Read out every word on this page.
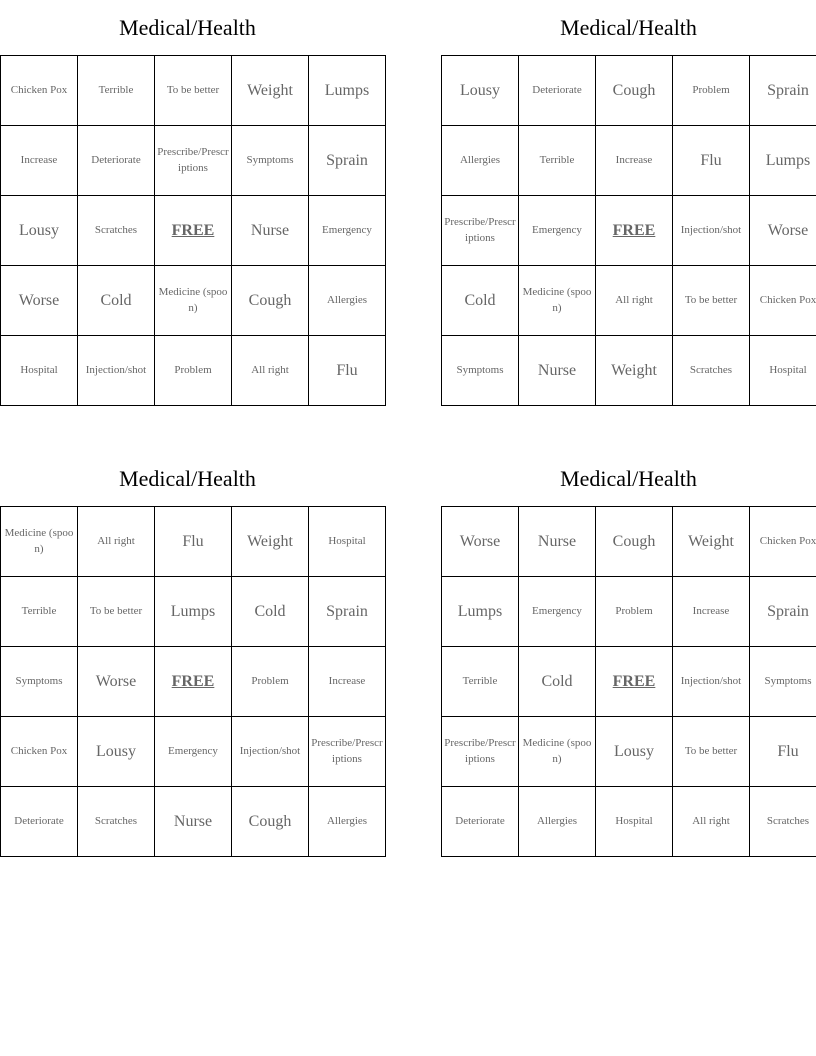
Medical/Health
Chicken Pox	Terrible	To be better	Weight	Lumps
Increase	Deteriorate	Prescribe/Prescriptions	Symptoms	Sprain
Lousy	Scratches	FREE	Nurse	Emergency
Worse	Cold	Medicine (spoon)	Cough	Allergies
Hospital	Injection/shot	Problem	All right	Flu
Medical/Health
Lousy	Deteriorate	Cough	Problem	Sprain
Allergies	Terrible	Increase	Flu	Lumps
Prescribe/Prescriptions	Emergency	FREE	Injection/shot	Worse
Cold	Medicine (spoon)	All right	To be better	Chicken Pox
Symptoms	Nurse	Weight	Scratches	Hospital
Medical/Health
Medicine (spoon)	All right	Flu	Weight	Hospital
Terrible	To be better	Lumps	Cold	Sprain
Symptoms	Worse	FREE	Problem	Increase
Chicken Pox	Lousy	Emergency	Injection/shot	Prescribe/Prescriptions
Deteriorate	Scratches	Nurse	Cough	Allergies
Medical/Health
Worse	Nurse	Cough	Weight	Chicken Pox
Lumps	Emergency	Problem	Increase	Sprain
Terrible	Cold	FREE	Injection/shot	Symptoms
Prescribe/Prescriptions	Medicine (spoon)	Lousy	To be better	Flu
Deteriorate	Allergies	Hospital	All right	Scratches
